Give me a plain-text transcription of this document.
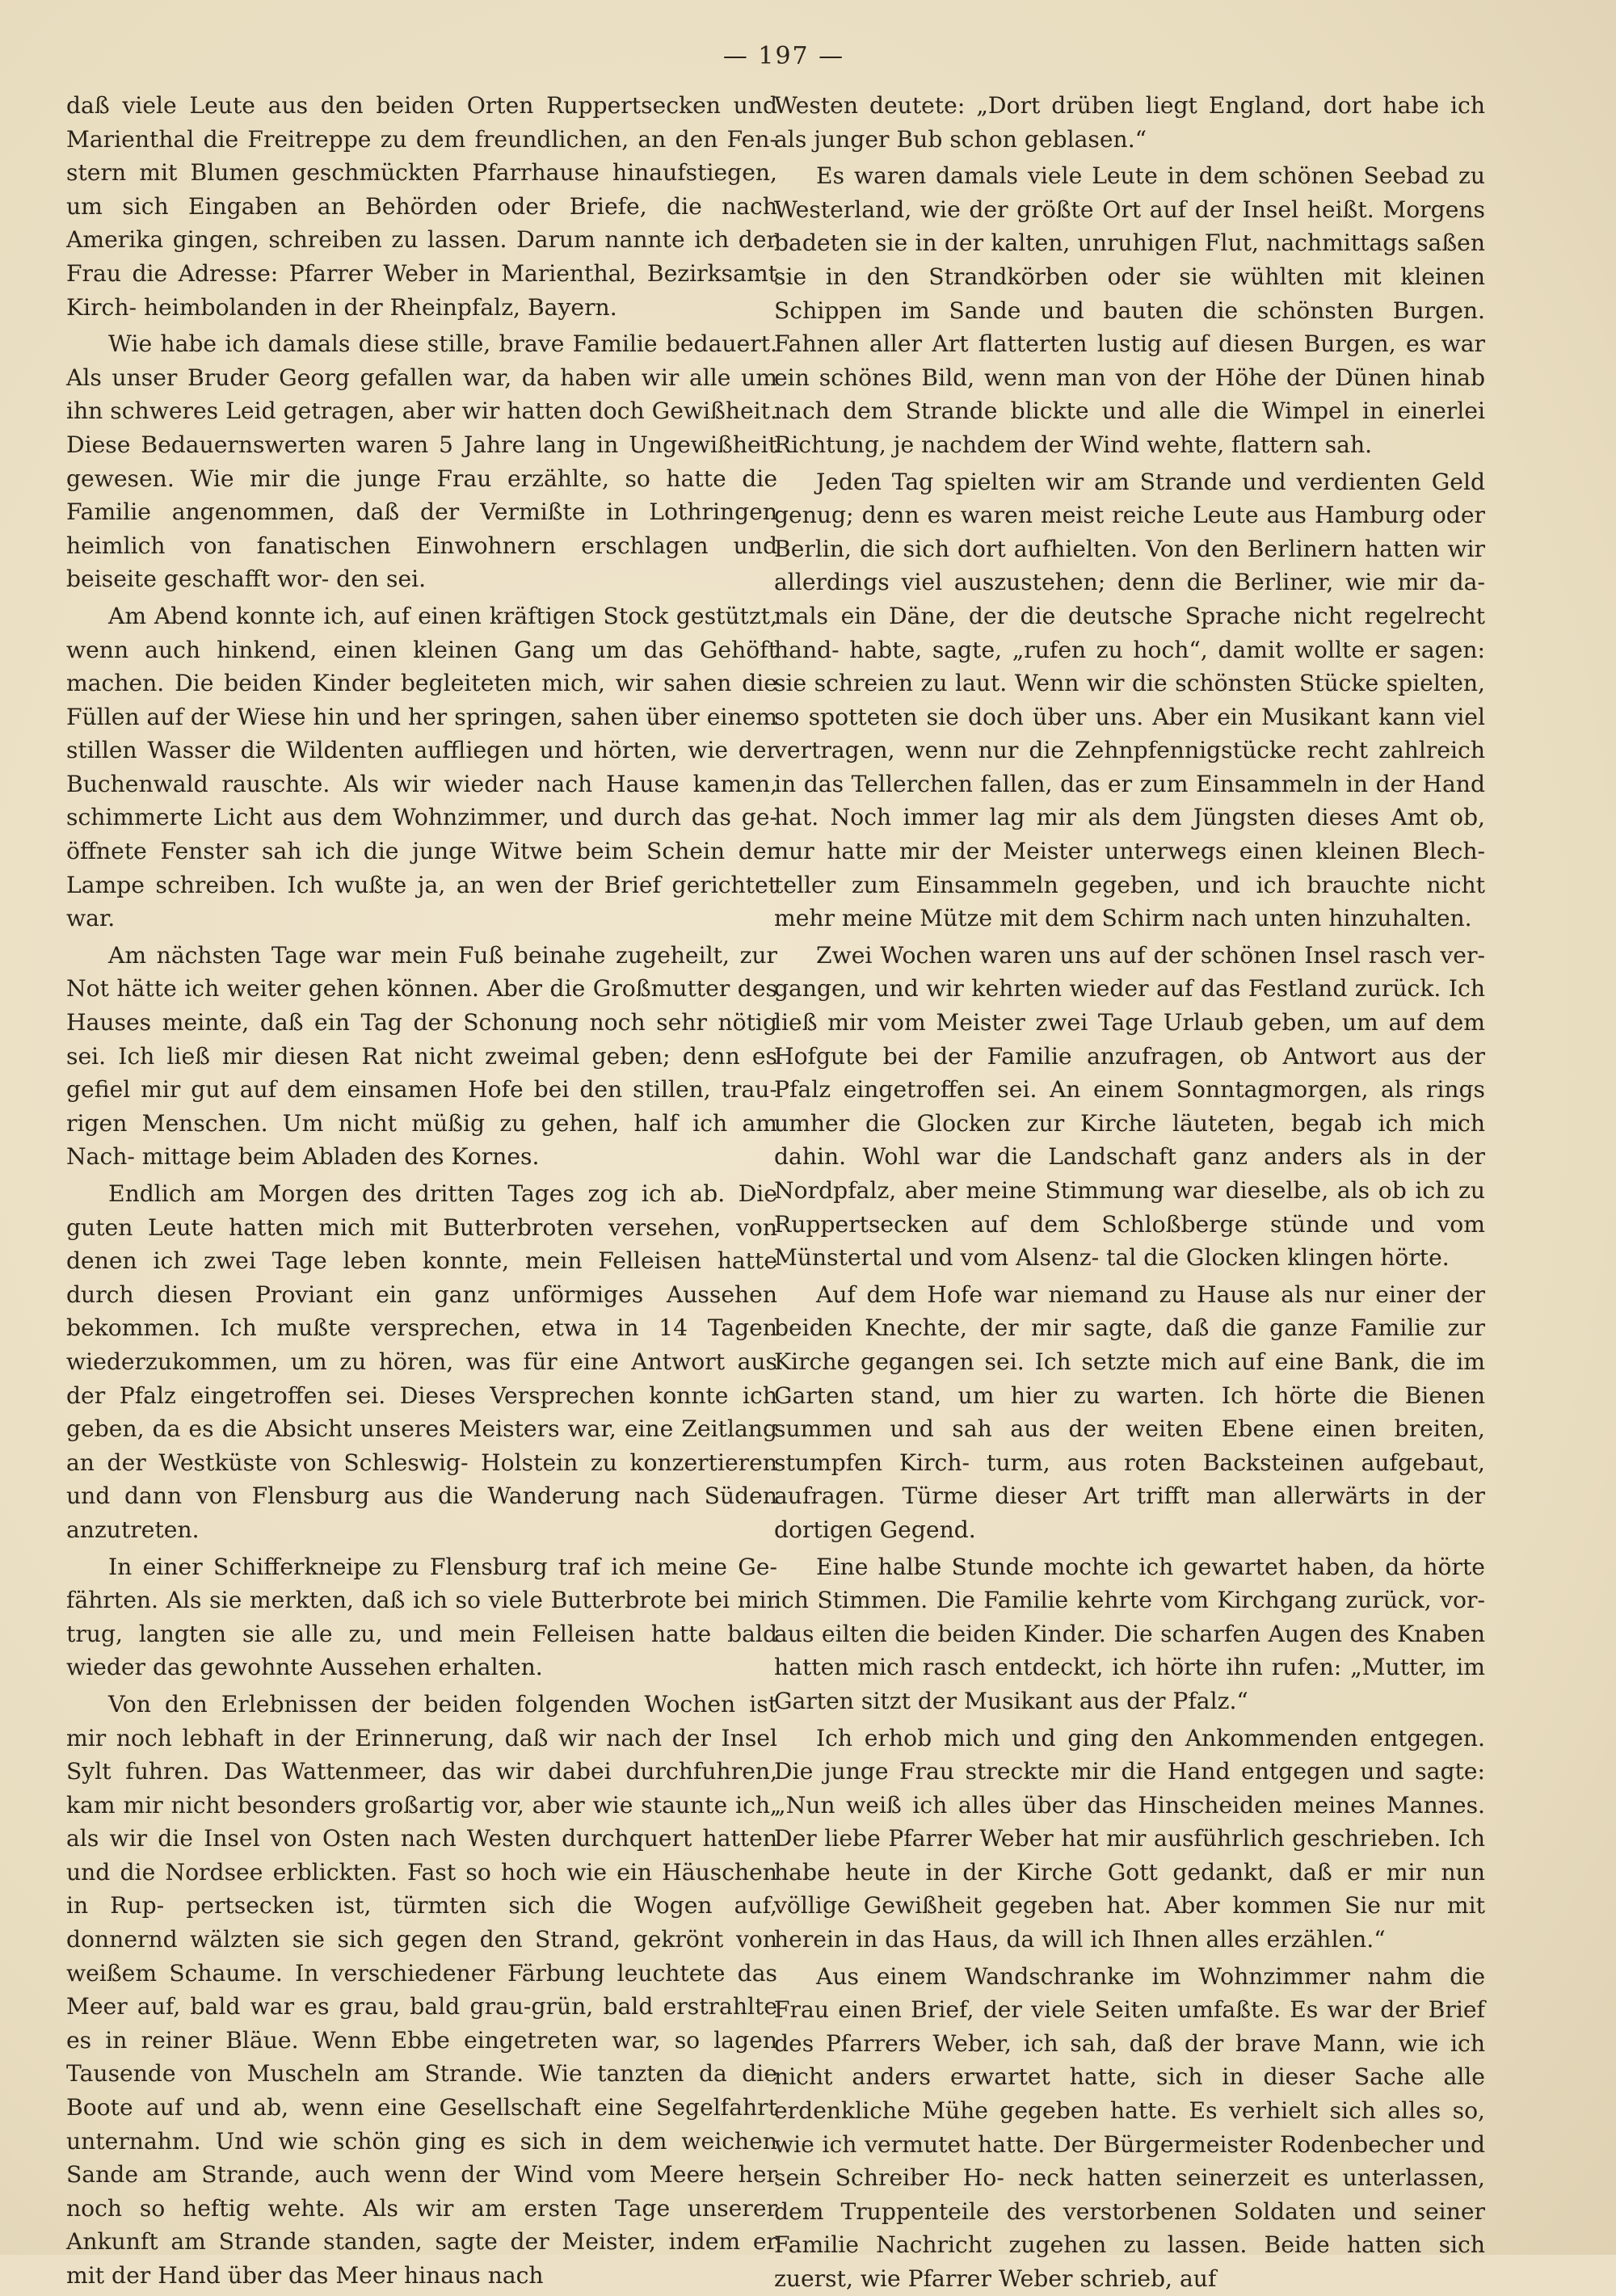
— 197 —

daß viele Leute aus den beiden Orten Ruppertsecken und Marienthal die Freitreppe zu dem freundlichen, an den Fen- stern mit Blumen geschmückten Pfarrhause hinaufstiegen, um sich Eingaben an Behörden oder Briefe, die nach Amerika gingen, schreiben zu lassen. Darum nannte ich der Frau die Adresse: Pfarrer Weber in Marienthal, Bezirksamt Kirch- heimbolanden in der Rheinpfalz, Bayern.

Wie habe ich damals diese stille, brave Familie bedauert. Als unser Bruder Georg gefallen war, da haben wir alle um ihn schweres Leid getragen, aber wir hatten doch Gewißheit. Diese Bedauernswerten waren 5 Jahre lang in Ungewißheit gewesen. Wie mir die junge Frau erzählte, so hatte die Familie angenommen, daß der Vermißte in Lothringen heimlich von fanatischen Einwohnern erschlagen und beiseite geschafft wor- den sei.

Am Abend konnte ich, auf einen kräftigen Stock gestützt, wenn auch hinkend, einen kleinen Gang um das Gehöft machen. Die beiden Kinder begleiteten mich, wir sahen die Füllen auf der Wiese hin und her springen, sahen über einem stillen Wasser die Wildenten auffliegen und hörten, wie der Buchenwald rauschte. Als wir wieder nach Hause kamen, schimmerte Licht aus dem Wohnzimmer, und durch das ge- öffnete Fenster sah ich die junge Witwe beim Schein der Lampe schreiben. Ich wußte ja, an wen der Brief gerichtet war.

Am nächsten Tage war mein Fuß beinahe zugeheilt, zur Not hätte ich weiter gehen können. Aber die Großmutter des Hauses meinte, daß ein Tag der Schonung noch sehr nötig sei. Ich ließ mir diesen Rat nicht zweimal geben; denn es gefiel mir gut auf dem einsamen Hofe bei den stillen, trau- rigen Menschen. Um nicht müßig zu gehen, half ich am Nach- mittage beim Abladen des Kornes.

Endlich am Morgen des dritten Tages zog ich ab. Die guten Leute hatten mich mit Butterbroten versehen, von denen ich zwei Tage leben konnte, mein Felleisen hatte durch diesen Proviant ein ganz unförmiges Aussehen bekommen. Ich mußte versprechen, etwa in 14 Tagen wiederzukommen, um zu hören, was für eine Antwort aus der Pfalz eingetroffen sei. Dieses Versprechen konnte ich geben, da es die Absicht unseres Meisters war, eine Zeitlang an der Westküste von Schleswig- Holstein zu konzertieren und dann von Flensburg aus die Wanderung nach Süden anzutreten.

In einer Schifferkneipe zu Flensburg traf ich meine Ge- fährten. Als sie merkten, daß ich so viele Butterbrote bei mir trug, langten sie alle zu, und mein Felleisen hatte bald wieder das gewohnte Aussehen erhalten.

Von den Erlebnissen der beiden folgenden Wochen ist mir noch lebhaft in der Erinnerung, daß wir nach der Insel Sylt fuhren. Das Wattenmeer, das wir dabei durchfuhren, kam mir nicht besonders großartig vor, aber wie staunte ich, als wir die Insel von Osten nach Westen durchquert hatten und die Nordsee erblickten. Fast so hoch wie ein Häuschen in Rup- pertsecken ist, türmten sich die Wogen auf, donnernd wälzten sie sich gegen den Strand, gekrönt von weißem Schaume. In verschiedener Färbung leuchtete das Meer auf, bald war es grau, bald grau-grün, bald erstrahlte es in reiner Bläue. Wenn Ebbe eingetreten war, so lagen Tausende von Muscheln am Strande. Wie tanzten da die Boote auf und ab, wenn eine Gesellschaft eine Segelfahrt unternahm. Und wie schön ging es sich in dem weichen Sande am Strande, auch wenn der Wind vom Meere her noch so heftig wehte. Als wir am ersten Tage unserer Ankunft am Strande standen, sagte der Meister, indem er mit der Hand über das Meer hinaus nach

Westen deutete: „Dort drüben liegt England, dort habe ich als junger Bub schon geblasen.“

Es waren damals viele Leute in dem schönen Seebad zu Westerland, wie der größte Ort auf der Insel heißt. Morgens badeten sie in der kalten, unruhigen Flut, nachmittags saßen sie in den Strandkörben oder sie wühlten mit kleinen Schippen im Sande und bauten die schönsten Burgen. Fahnen aller Art flatterten lustig auf diesen Burgen, es war ein schönes Bild, wenn man von der Höhe der Dünen hinab nach dem Strande blickte und alle die Wimpel in einerlei Richtung, je nachdem der Wind wehte, flattern sah.

Jeden Tag spielten wir am Strande und verdienten Geld genug; denn es waren meist reiche Leute aus Hamburg oder Berlin, die sich dort aufhielten. Von den Berlinern hatten wir allerdings viel auszustehen; denn die Berliner, wie mir da- mals ein Däne, der die deutsche Sprache nicht regelrecht hand- habte, sagte, „rufen zu hoch“, damit wollte er sagen: sie schreien zu laut. Wenn wir die schönsten Stücke spielten, so spotteten sie doch über uns. Aber ein Musikant kann viel vertragen, wenn nur die Zehnpfennigstücke recht zahlreich in das Tellerchen fallen, das er zum Einsammeln in der Hand hat. Noch immer lag mir als dem Jüngsten dieses Amt ob, nur hatte mir der Meister unterwegs einen kleinen Blech- teller zum Einsammeln gegeben, und ich brauchte nicht mehr meine Mütze mit dem Schirm nach unten hinzuhalten.

Zwei Wochen waren uns auf der schönen Insel rasch ver- gangen, und wir kehrten wieder auf das Festland zurück. Ich ließ mir vom Meister zwei Tage Urlaub geben, um auf dem Hofgute bei der Familie anzufragen, ob Antwort aus der Pfalz eingetroffen sei. An einem Sonntagmorgen, als rings umher die Glocken zur Kirche läuteten, begab ich mich dahin. Wohl war die Landschaft ganz anders als in der Nordpfalz, aber meine Stimmung war dieselbe, als ob ich zu Ruppertsecken auf dem Schloßberge stünde und vom Münstertal und vom Alsenz- tal die Glocken klingen hörte.

Auf dem Hofe war niemand zu Hause als nur einer der beiden Knechte, der mir sagte, daß die ganze Familie zur Kirche gegangen sei. Ich setzte mich auf eine Bank, die im Garten stand, um hier zu warten. Ich hörte die Bienen summen und sah aus der weiten Ebene einen breiten, stumpfen Kirch- turm, aus roten Backsteinen aufgebaut, aufragen. Türme dieser Art trifft man allerwärts in der dortigen Gegend.

Eine halbe Stunde mochte ich gewartet haben, da hörte ich Stimmen. Die Familie kehrte vom Kirchgang zurück, vor- aus eilten die beiden Kinder. Die scharfen Augen des Knaben hatten mich rasch entdeckt, ich hörte ihn rufen: „Mutter, im Garten sitzt der Musikant aus der Pfalz.“

Ich erhob mich und ging den Ankommenden entgegen. Die junge Frau streckte mir die Hand entgegen und sagte: „Nun weiß ich alles über das Hinscheiden meines Mannes. Der liebe Pfarrer Weber hat mir ausführlich geschrieben. Ich habe heute in der Kirche Gott gedankt, daß er mir nun völlige Gewißheit gegeben hat. Aber kommen Sie nur mit herein in das Haus, da will ich Ihnen alles erzählen.“

Aus einem Wandschranke im Wohnzimmer nahm die Frau einen Brief, der viele Seiten umfaßte. Es war der Brief des Pfarrers Weber, ich sah, daß der brave Mann, wie ich nicht anders erwartet hatte, sich in dieser Sache alle erdenkliche Mühe gegeben hatte. Es verhielt sich alles so, wie ich vermutet hatte. Der Bürgermeister Rodenbecher und sein Schreiber Ho- neck hatten seinerzeit es unterlassen, dem Truppenteile des verstorbenen Soldaten und seiner Familie Nachricht zugehen zu lassen. Beide hatten sich zuerst, wie Pfarrer Weber schrieb, auf
